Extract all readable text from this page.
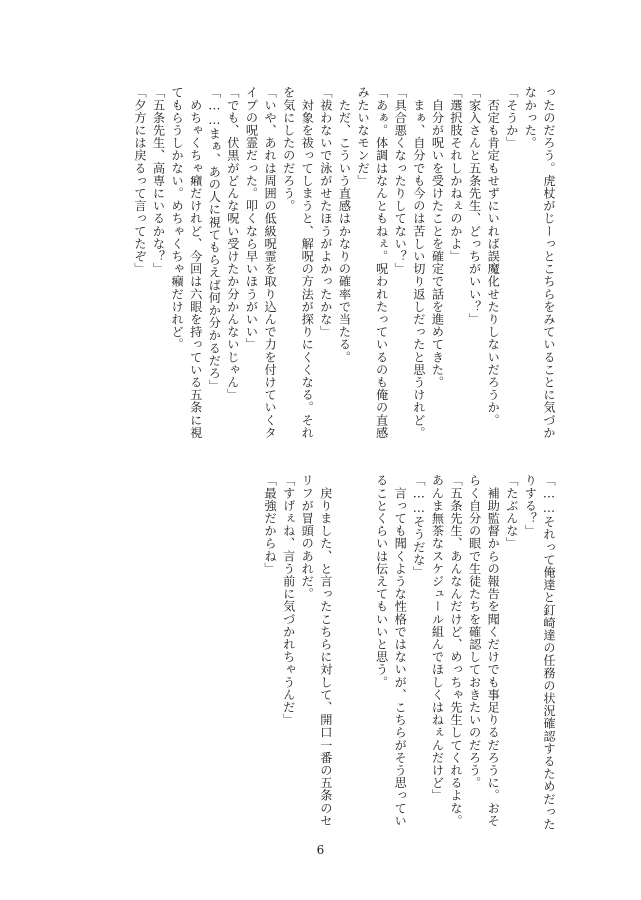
ったのだろう。虎杖がじーっとこちらをみていることに気づか

なかった。

「そうか」

　否定も肯定もせずにいれば誤魔化せたりしないだろうか。

「家入さんと五条先生、どっちがいい？」

「選択肢それしかねぇのかよ」

　自分が呪いを受けたことを確定で話を進めてきた。

　まぁ、自分でも今のは苦しい切り返しだったと思うけれど。

「具合悪くなったりしてない？」

「あぁ。体調はなんともねぇ。呪われたっているのも俺の直感

みたいなモンだ」

　ただ、こういう直感はかなりの確率で当たる。

「祓わないで泳がせたほうがよかったかな」

　対象を祓ってしまうと、解呪の方法が探りにくくなる。それ

を気にしたのだろう。

「いや、あれは周囲の低級呪霊を取り込んで力を付けていくタ

イプの呪霊だった。叩くなら早いほうがいい」

「でも、伏黒がどんな呪い受けたか分かんないじゃん」

「……まぁ、あの人に視てもらえば何か分かるだろ」

　めちゃくちゃ癪だけれど、今回は六眼を持っている五条に視

てもらうしかない。めちゃくちゃ癪だけれど。

「五条先生、高専にいるかな？」

「夕方には戻るって言ってたぞ」

「……それって俺達と釘崎達の任務の状況確認するためだった

りする？」

「たぶんな」

　補助監督からの報告を聞くだけでも事足りるだろうに。おそ

らく自分の眼で生徒たちを確認しておきたいのだろう。

「五条先生、あんなんだけど、めっちゃ先生してくれるよな。

あんま無茶なスケジュール組んでほしくはねぇんだけど」

「……そうだな」

　言っても聞くような性格ではないが、こちらがそう思ってい

ることくらいは伝えてもいいと思う。

　戻りました、と言ったこちらに対して、開口一番の五条のセ

リフが冒頭のあれだ。

「すげぇね、言う前に気づかれちゃうんだ」

「最強だからね」

6
